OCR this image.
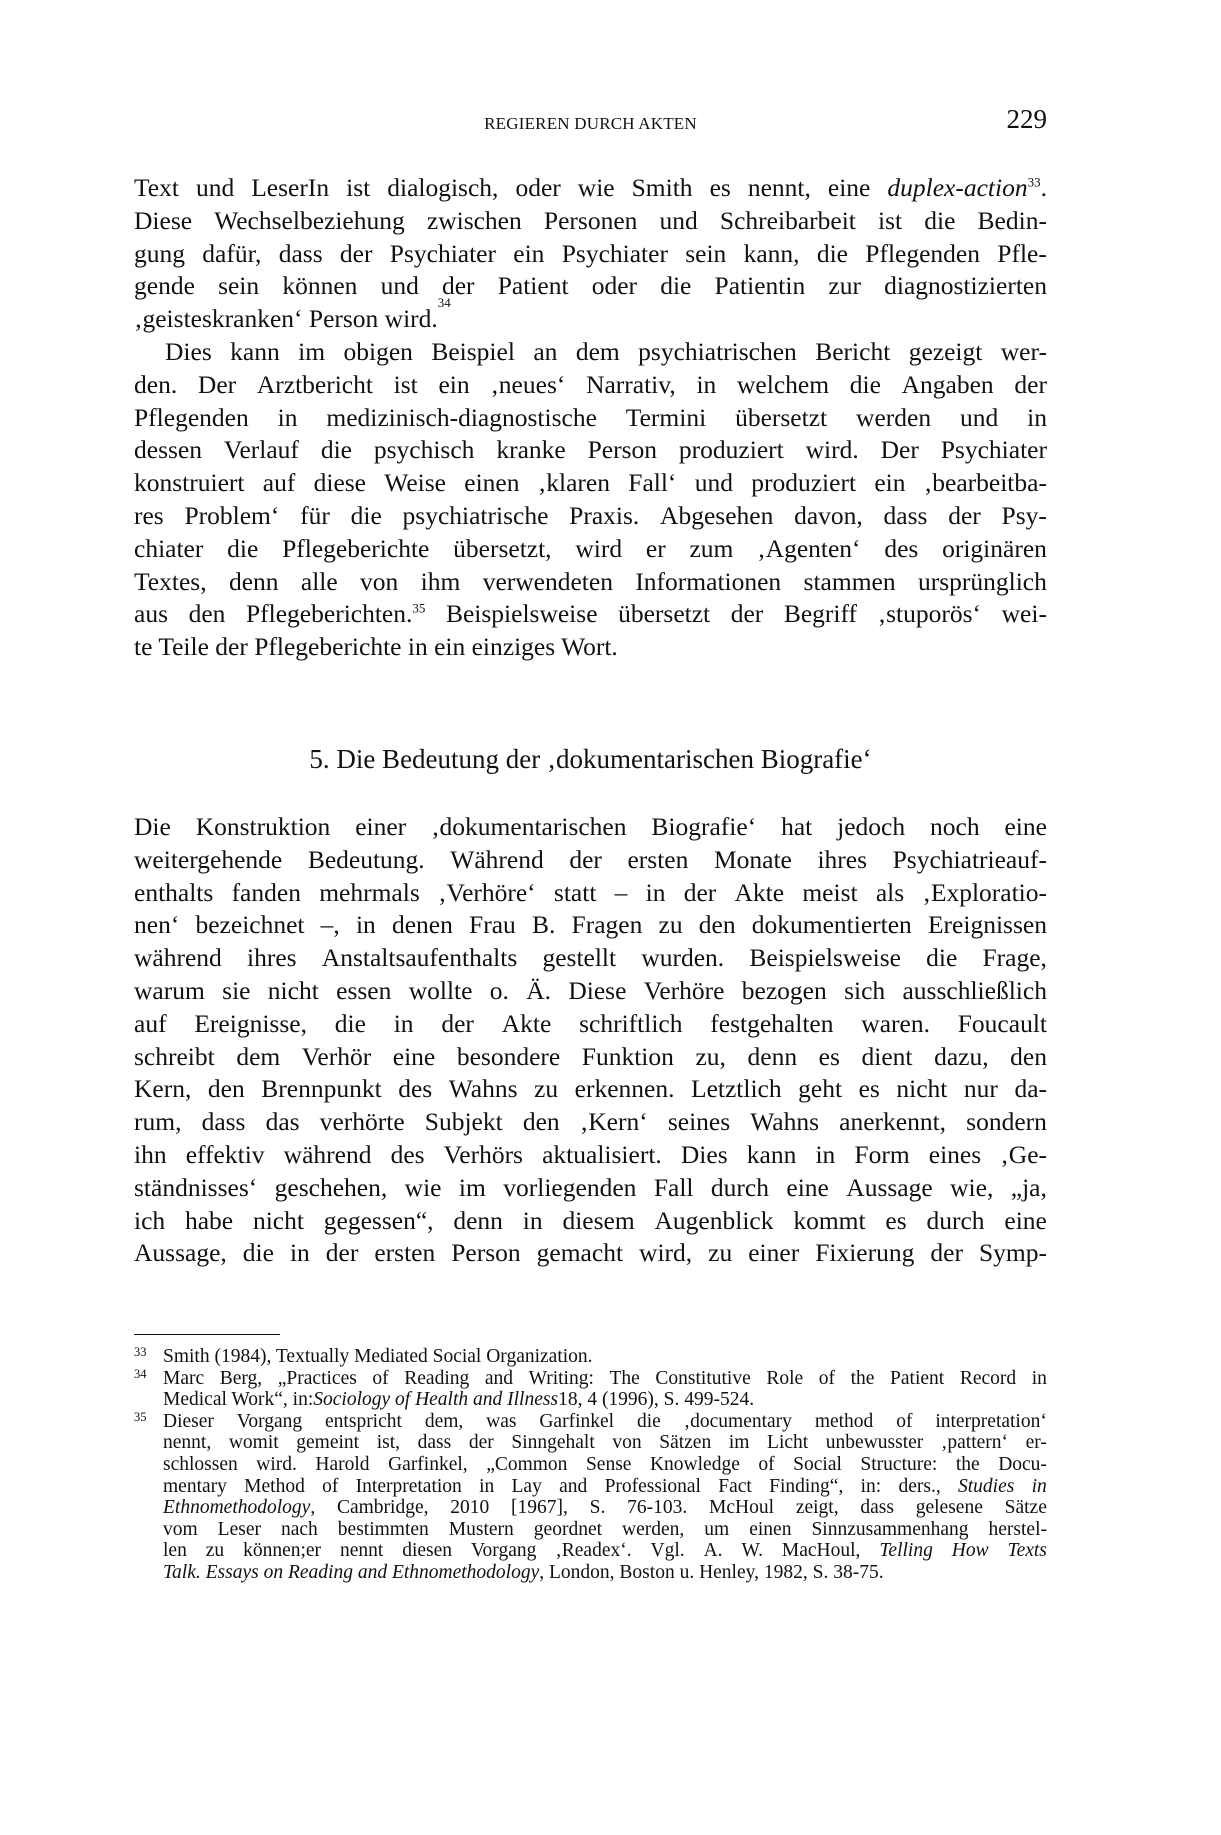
REGIEREN DURCH AKTEN	229
Text und LeserIn ist dialogisch, oder wie Smith es nennt, eine duplex-action$^{33}$.
Diese Wechselbeziehung zwischen Personen und Schreibarbeit ist die Bedin-
gung dafür, dass der Psychiater ein Psychiater sein kann, die Pflegenden Pfle-
gende sein können und der Patient oder die Patientin zur diagnostizierten
‚geisteskranken‘ Person wird.
34
Dies kann im obigen Beispiel an dem psychiatrischen Bericht gezeigt wer-
den. Der Arztbericht ist ein ‚neues‘ Narrativ, in welchem die Angaben der
Pflegenden in medizinisch-diagnostische Termini übersetzt werden und in
dessen Verlauf die psychisch kranke Person produziert wird. Der Psychiater
konstruiert auf diese Weise einen ‚klaren Fall‘ und produziert ein ‚bearbeitba-
res Problem‘ für die psychiatrische Praxis. Abgesehen davon, dass der Psy-
chiater die Pflegeberichte übersetzt, wird er zum ‚Agenten‘ des originären
Textes, denn alle von ihm verwendeten Informationen stammen ursprünglich
aus den Pflegeberichten.$^{35}$ Beispielsweise übersetzt der Begriff ‚stuporös‘ wei-
te Teile der Pflegeberichte in ein einziges Wort.
5. Die Bedeutung der ‚dokumentarischen Biografie‘
Die Konstruktion einer ‚dokumentarischen Biografie‘ hat jedoch noch eine
weitergehende Bedeutung. Während der ersten Monate ihres Psychiatrieauf-
enthalts fanden mehrmals ‚Verhöre‘ statt – in der Akte meist als ‚Exploratio-
nen‘ bezeichnet –, in denen Frau B. Fragen zu den dokumentierten Ereignissen
während ihres Anstaltsaufenthalts gestellt wurden. Beispielsweise die Frage,
warum sie nicht essen wollte o. Ä. Diese Verhöre bezogen sich ausschließlich
auf Ereignisse, die in der Akte schriftlich festgehalten waren. Foucault
schreibt dem Verhör eine besondere Funktion zu, denn es dient dazu, den
Kern, den Brennpunkt des Wahns zu erkennen. Letztlich geht es nicht nur da-
rum, dass das verhörte Subjekt den ‚Kern‘ seines Wahns anerkennt, sondern
ihn effektiv während des Verhörs aktualisiert. Dies kann in Form eines ‚Ge-
ständnisses‘ geschehen, wie im vorliegenden Fall durch eine Aussage wie, „ja,
ich habe nicht gegessen“, denn in diesem Augenblick kommt es durch eine
Aussage, die in der ersten Person gemacht wird, zu einer Fixierung der Symp-
Smith (1984), Textually Mediated Social Organization.
33
Marc Berg, „Practices of Reading and Writing: The Constitutive Role of the Patient Record in
34
Medical Work“, in: Sociology of Health and Illness 18, 4 (1996), S. 499-524.
Dieser Vorgang entspricht dem, was Garfinkel die ‚documentary method of interpretation‘
35
nennt, womit gemeint ist, dass der Sinngehalt von Sätzen im Licht unbewusster ‚pattern‘ er-
schlossen wird. Harold Garfinkel, „Common Sense Knowledge of Social Structure: the Docu-
mentary Method of Interpretation in Lay and Professional Fact Finding“, in: ders., Studies in
Ethnomethodology, Cambridge, 2010 [1967], S. 76-103. McHoul zeigt, dass gelesene Sätze
vom Leser nach bestimmten Mustern geordnet werden, um einen Sinnzusammenhang herstel-
len zu können;er nennt diesen Vorgang ‚Readex‘. Vgl. A. W. MacHoul, Telling How Texts
Talk. Essays on Reading and Ethnomethodology , London, Boston u. Henley, 1982, S. 38-75.
